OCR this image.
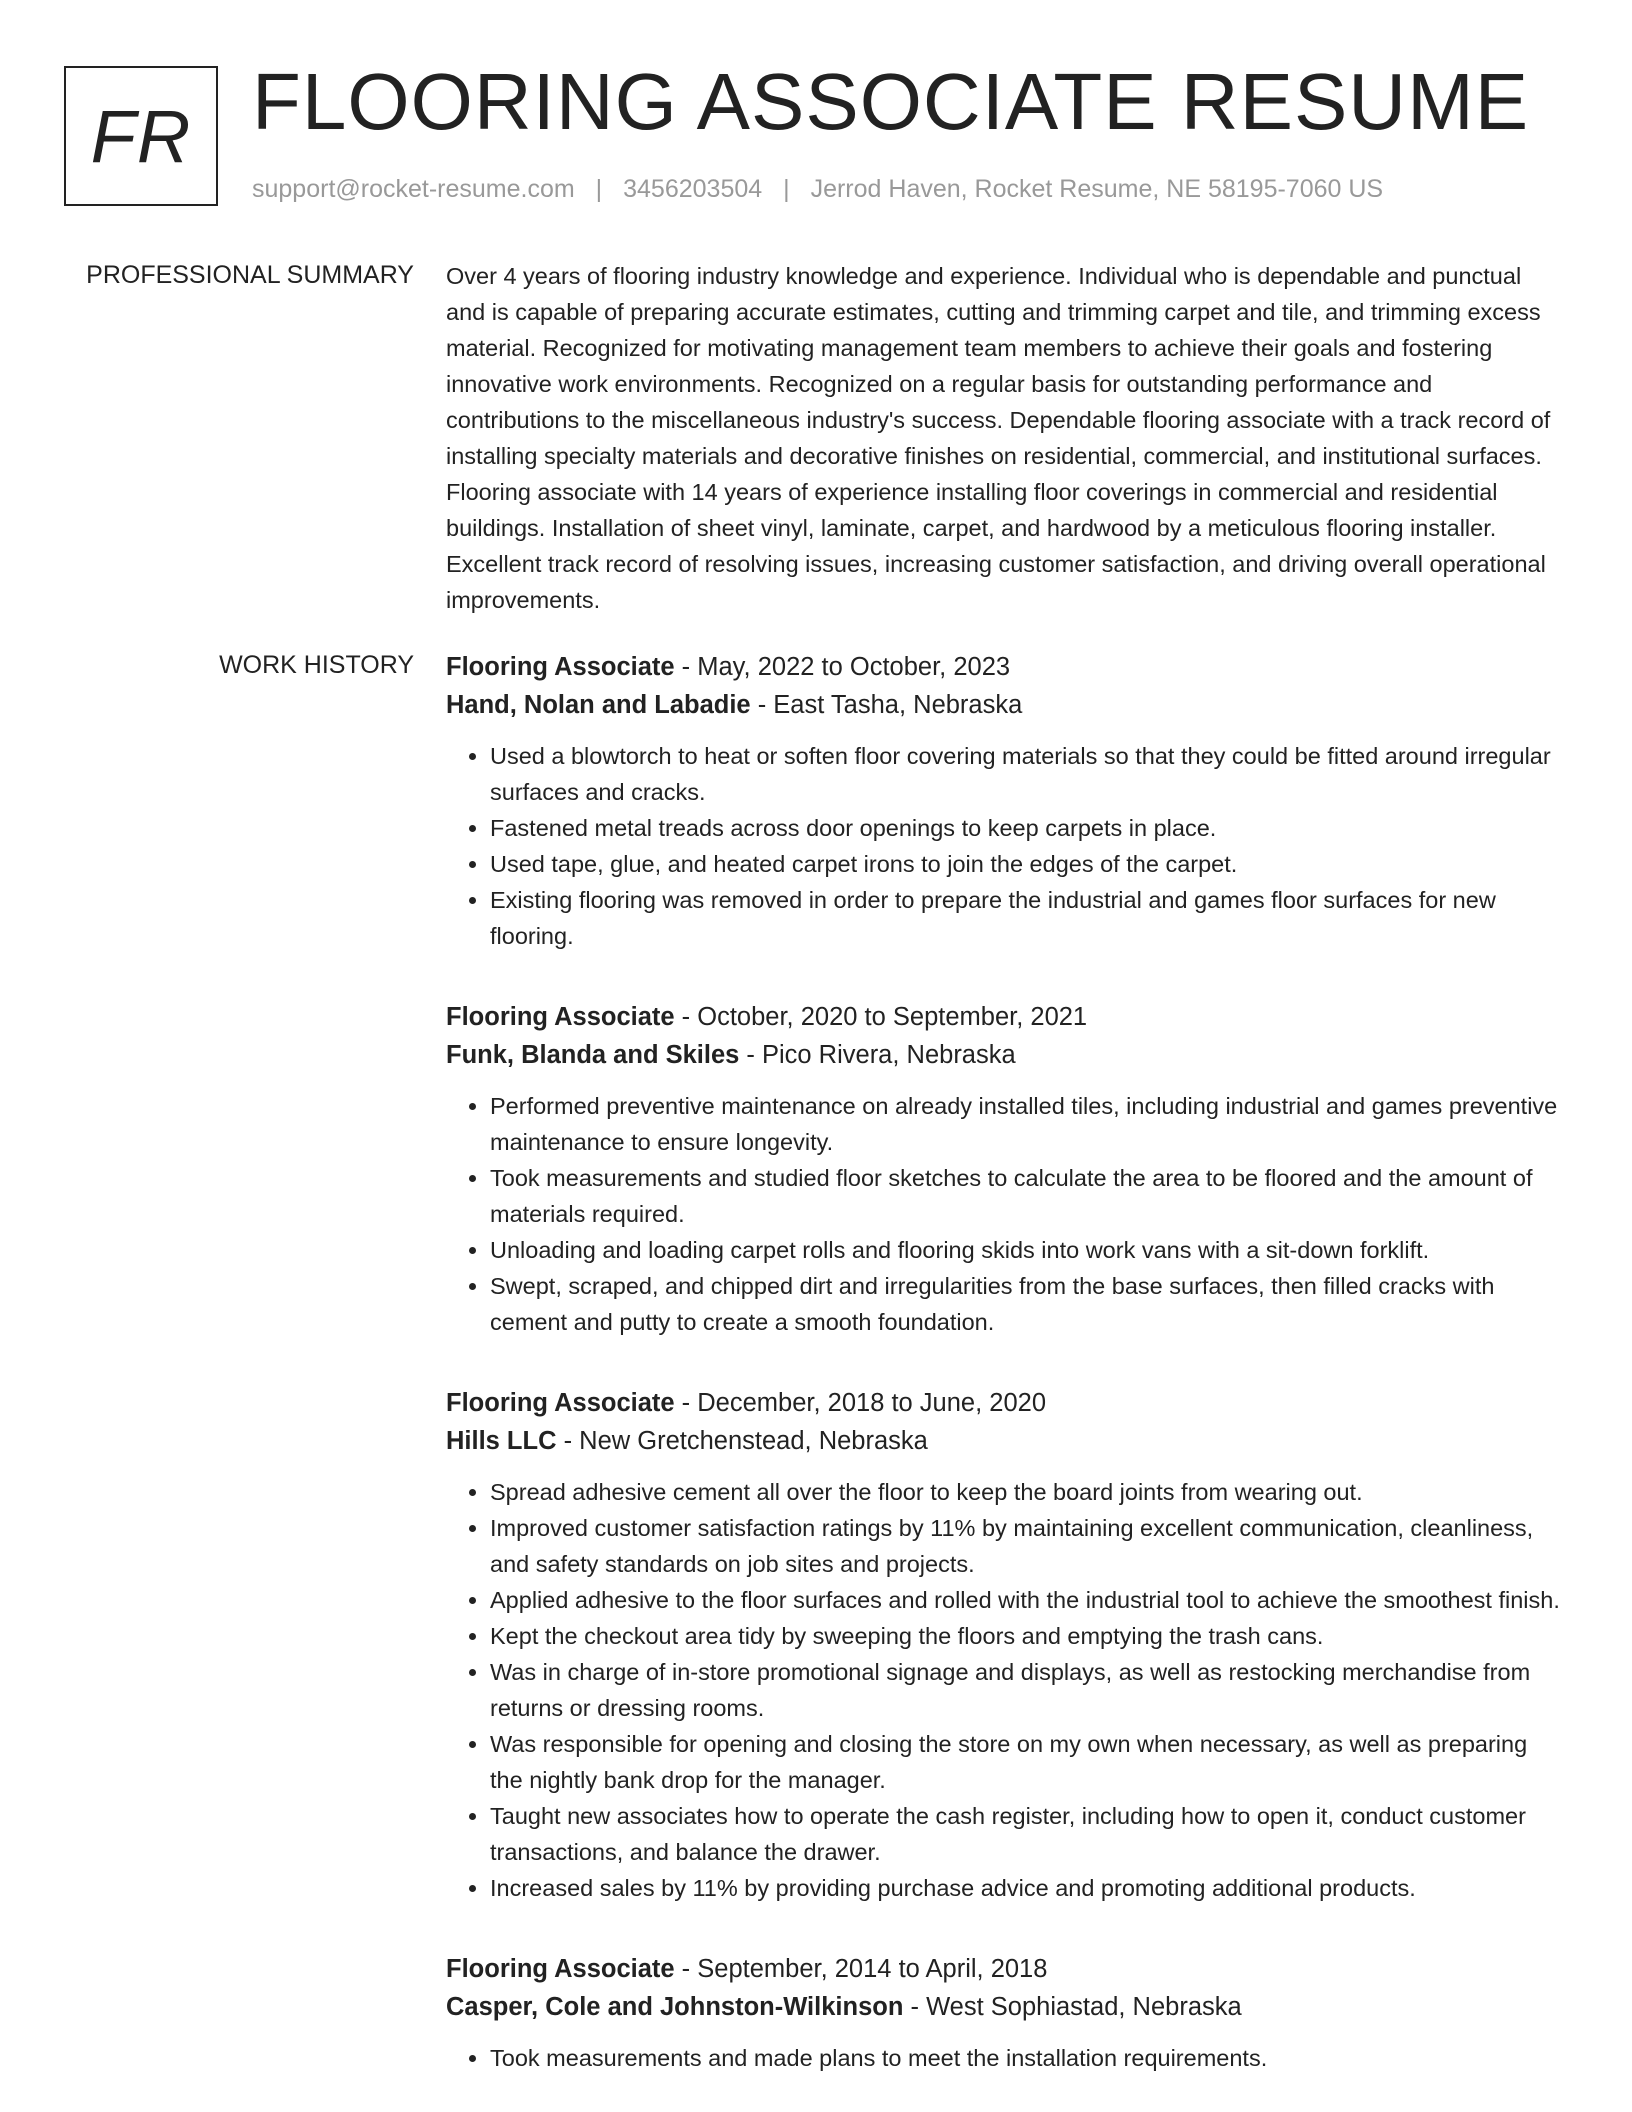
FR FLOORING ASSOCIATE RESUME
support@rocket-resume.com | 3456203504 | Jerrod Haven, Rocket Resume, NE 58195-7060 US
PROFESSIONAL SUMMARY Over 4 years of flooring industry knowledge and experience. Individual who is dependable and punctual and is capable of preparing accurate estimates, cutting and trimming carpet and tile, and trimming excess material. Recognized for motivating management team members to achieve their goals and fostering innovative work environments. Recognized on a regular basis for outstanding performance and contributions to the miscellaneous industry's success. Dependable flooring associate with a track record of installing specialty materials and decorative finishes on residential, commercial, and institutional surfaces. Flooring associate with 14 years of experience installing floor coverings in commercial and residential buildings. Installation of sheet vinyl, laminate, carpet, and hardwood by a meticulous flooring installer. Excellent track record of resolving issues, increasing customer satisfaction, and driving overall operational improvements.

WORK HISTORY Flooring Associate - May, 2022 to October, 2023
Hand, Nolan and Labadie - East Tasha, Nebraska
• Used a blowtorch to heat or soften floor covering materials so that they could be fitted around irregular surfaces and cracks.
• Fastened metal treads across door openings to keep carpets in place.
• Used tape, glue, and heated carpet irons to join the edges of the carpet.
• Existing flooring was removed in order to prepare the industrial and games floor surfaces for new flooring.
Flooring Associate - October, 2020 to September, 2021
Funk, Blanda and Skiles - Pico Rivera, Nebraska
• Performed preventive maintenance on already installed tiles, including industrial and games preventive maintenance to ensure longevity.
• Took measurements and studied floor sketches to calculate the area to be floored and the amount of materials required.
• Unloading and loading carpet rolls and flooring skids into work vans with a sit-down forklift.
• Swept, scraped, and chipped dirt and irregularities from the base surfaces, then filled cracks with cement and putty to create a smooth foundation.
Flooring Associate - December, 2018 to June, 2020
Hills LLC - New Gretchenstead, Nebraska
• Spread adhesive cement all over the floor to keep the board joints from wearing out.
• Improved customer satisfaction ratings by 11% by maintaining excellent communication, cleanliness, and safety standards on job sites and projects.
• Applied adhesive to the floor surfaces and rolled with the industrial tool to achieve the smoothest finish.
• Kept the checkout area tidy by sweeping the floors and emptying the trash cans.
• Was in charge of in-store promotional signage and displays, as well as restocking merchandise from returns or dressing rooms.
• Was responsible for opening and closing the store on my own when necessary, as well as preparing the nightly bank drop for the manager.
• Taught new associates how to operate the cash register, including how to open it, conduct customer transactions, and balance the drawer.
• Increased sales by 11% by providing purchase advice and promoting additional products.
Flooring Associate - September, 2014 to April, 2018
Casper, Cole and Johnston-Wilkinson - West Sophiastad, Nebraska
• Took measurements and made plans to meet the installation requirements.
